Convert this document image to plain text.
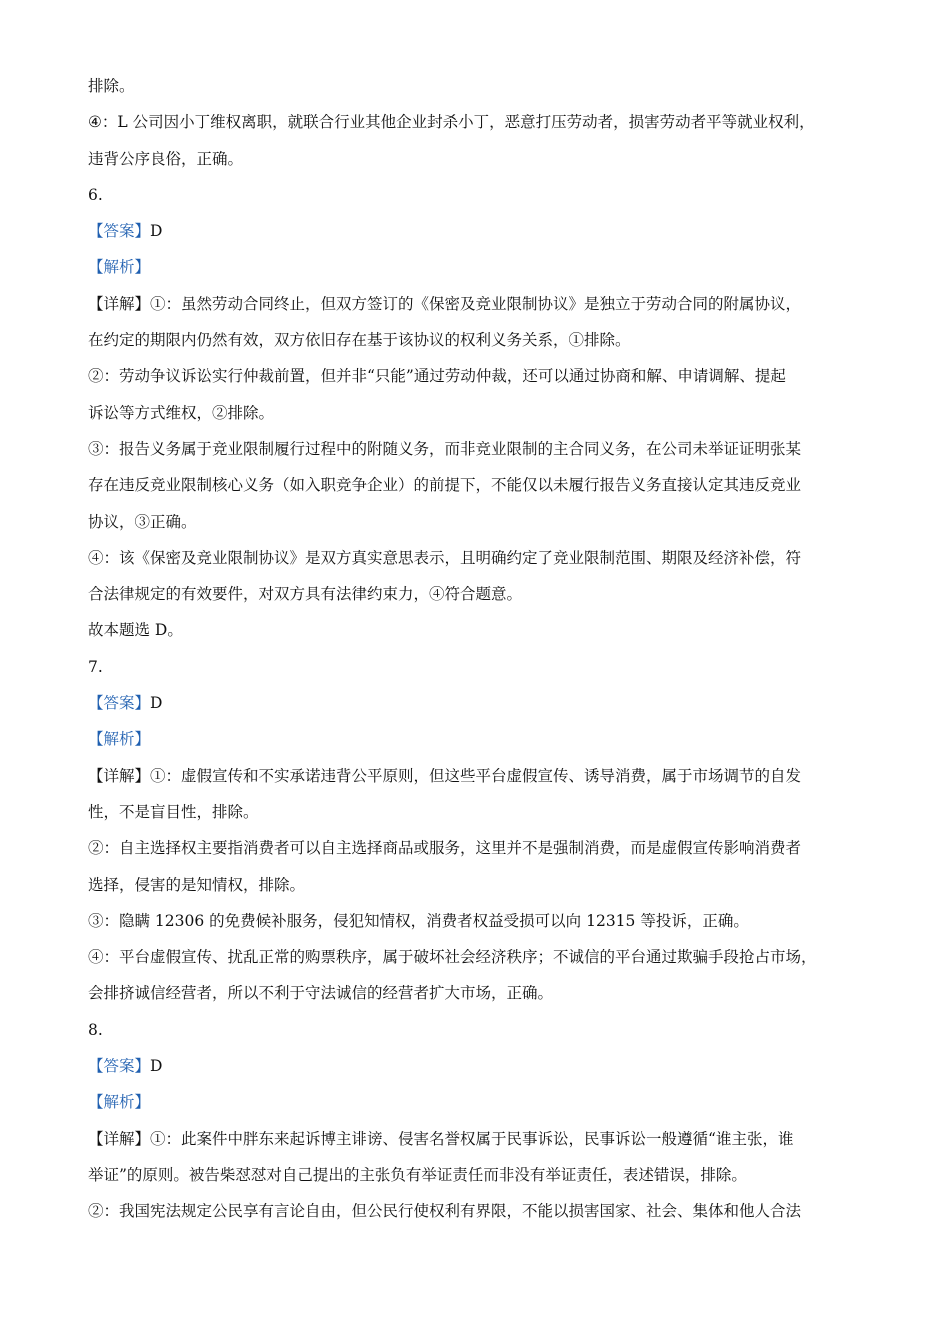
排除。
④：L 公司因小丁维权离职，就联合行业其他企业封杀小丁，恶意打压劳动者，损害劳动者平等就业权利，
违背公序良俗，正确。
6.
【答案】D
【解析】
【详解】①：虽然劳动合同终止，但双方签订的《保密及竞业限制协议》是独立于劳动合同的附属协议，
在约定的期限内仍然有效，双方依旧存在基于该协议的权利义务关系，①排除。
②：劳动争议诉讼实行仲裁前置，但并非“只能”通过劳动仲裁，还可以通过协商和解、申请调解、提起
诉讼等方式维权，②排除。
③：报告义务属于竞业限制履行过程中的附随义务，而非竞业限制的主合同义务，在公司未举证证明张某
存在违反竞业限制核心义务（如入职竞争企业）的前提下，不能仅以未履行报告义务直接认定其违反竞业
协议，③正确。
④：该《保密及竞业限制协议》是双方真实意思表示，且明确约定了竞业限制范围、期限及经济补偿，符
合法律规定的有效要件，对双方具有法律约束力，④符合题意。
故本题选 D。
7.
【答案】D
【解析】
【详解】①：虚假宣传和不实承诺违背公平原则，但这些平台虚假宣传、诱导消费，属于市场调节的自发
性，不是盲目性，排除。
②：自主选择权主要指消费者可以自主选择商品或服务，这里并不是强制消费，而是虚假宣传影响消费者
选择，侵害的是知情权，排除。
③：隐瞒 12306 的免费候补服务，侵犯知情权，消费者权益受损可以向 12315 等投诉，正确。
④：平台虚假宣传、扰乱正常的购票秩序，属于破坏社会经济秩序；不诚信的平台通过欺骗手段抢占市场，
会排挤诚信经营者，所以不利于守法诚信的经营者扩大市场，正确。
8.
【答案】D
【解析】
【详解】①：此案件中胖东来起诉博主诽谤、侵害名誉权属于民事诉讼，民事诉讼一般遵循“谁主张，谁
举证”的原则。被告柴怼怼对自己提出的主张负有举证责任而非没有举证责任，表述错误，排除。
②：我国宪法规定公民享有言论自由，但公民行使权利有界限，不能以损害国家、社会、集体和他人合法
